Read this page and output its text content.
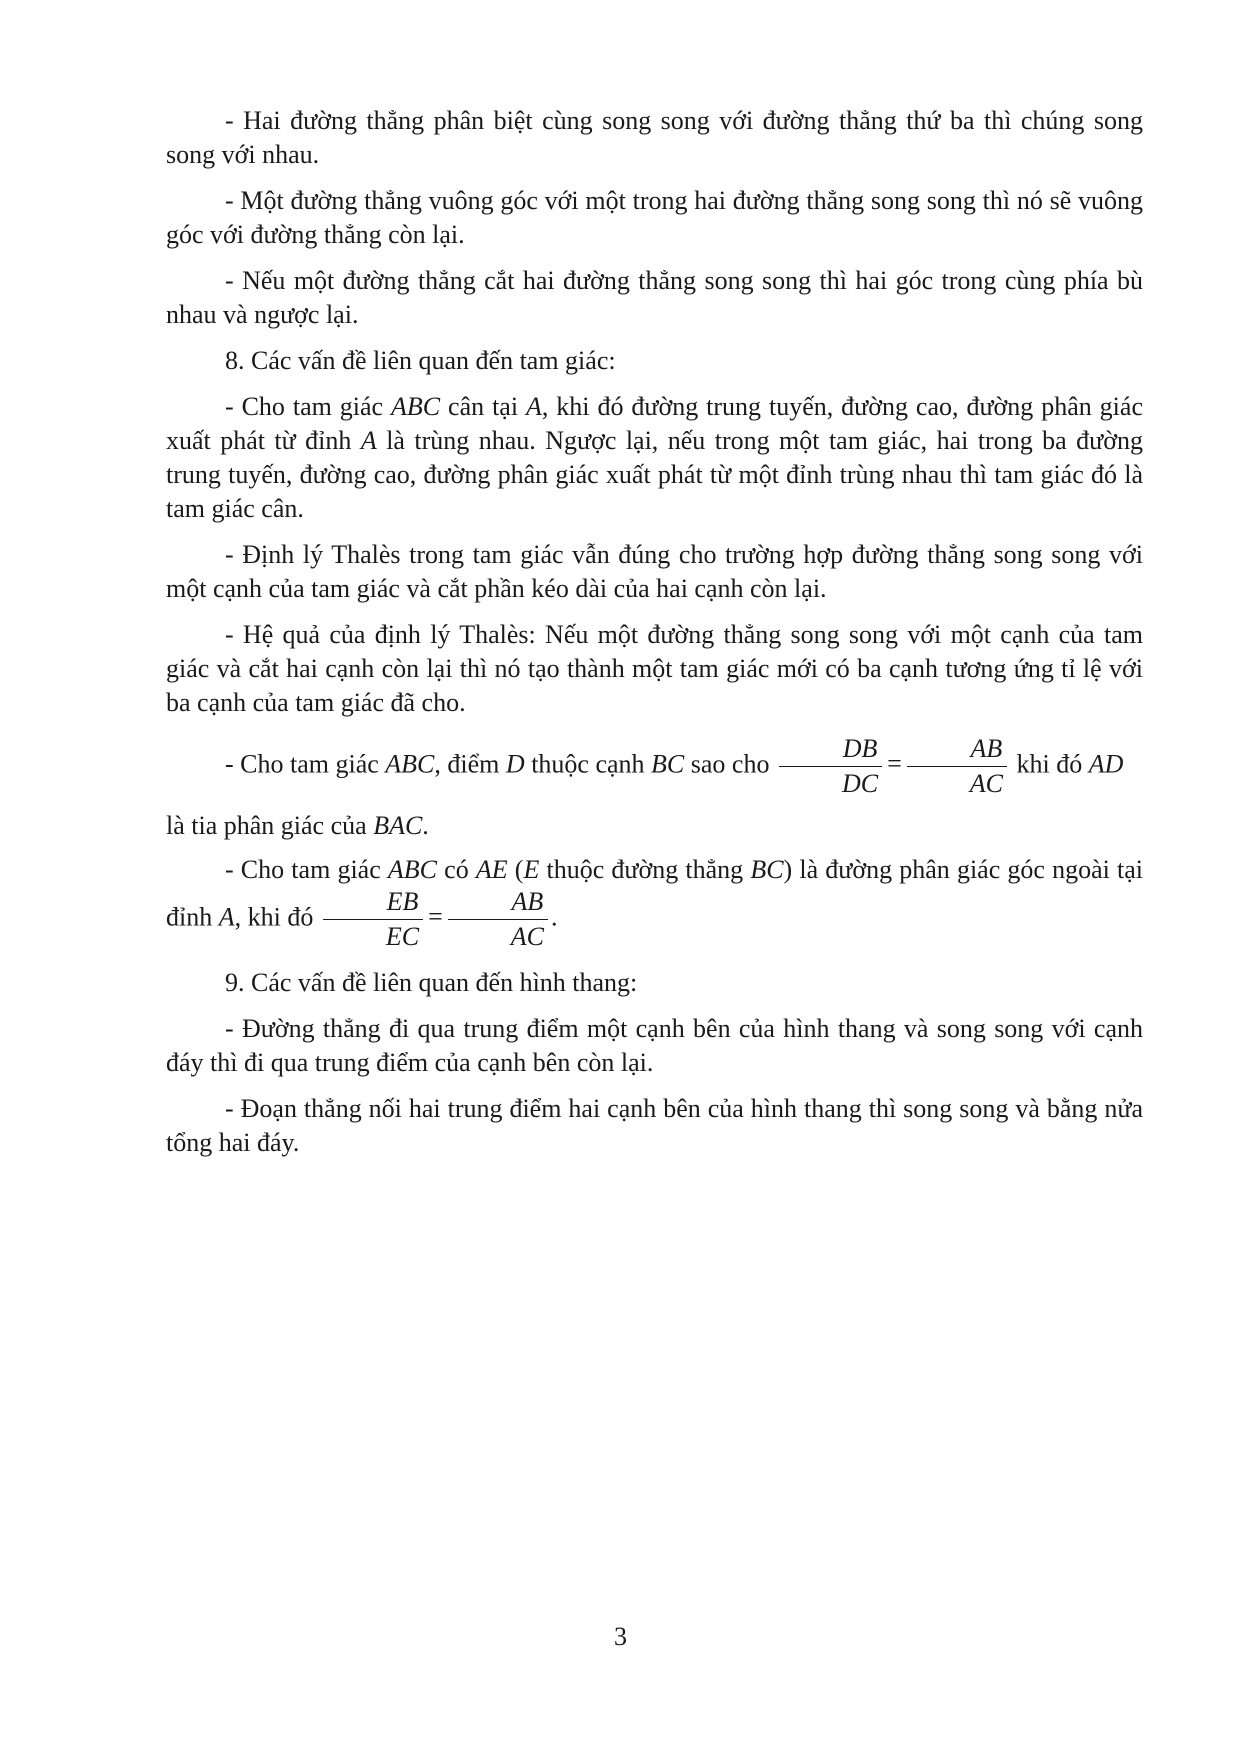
- Hai đường thẳng phân biệt cùng song song với đường thẳng thứ ba thì chúng song song với nhau.

- Một đường thẳng vuông góc với một trong hai đường thẳng song song thì nó sẽ vuông góc với đường thẳng còn lại.

- Nếu một đường thẳng cắt hai đường thẳng song song thì hai góc trong cùng phía bù nhau và ngược lại.

8. Các vấn đề liên quan đến tam giác:

- Cho tam giác ABC cân tại A, khi đó đường trung tuyến, đường cao, đường phân giác xuất phát từ đỉnh A là trùng nhau. Ngược lại, nếu trong một tam giác, hai trong ba đường trung tuyến, đường cao, đường phân giác xuất phát từ một đỉnh trùng nhau thì tam giác đó là tam giác cân.

- Định lý Thalès trong tam giác vẫn đúng cho trường hợp đường thẳng song song với một cạnh của tam giác và cắt phần kéo dài của hai cạnh còn lại.

- Hệ quả của định lý Thalès: Nếu một đường thẳng song song với một cạnh của tam giác và cắt hai cạnh còn lại thì nó tạo thành một tam giác mới có ba cạnh tương ứng tỉ lệ với ba cạnh của tam giác đã cho.

- Cho tam giác ABC, điểm D thuộc cạnh BC sao cho $\frac{DB}{DC} = \frac{AB}{AC}$ khi đó AD

là tia phân giác của BAC.

- Cho tam giác ABC có AE (E thuộc đường thẳng BC) là đường phân giác góc ngoài tại đỉnh A, khi đó $\frac{EB}{EC} = \frac{AB}{AC}$ .

9. Các vấn đề liên quan đến hình thang:

- Đường thẳng đi qua trung điểm một cạnh bên của hình thang và song song với cạnh đáy thì đi qua trung điểm của cạnh bên còn lại.

- Đoạn thẳng nối hai trung điểm hai cạnh bên của hình thang thì song song và bằng nửa tổng hai đáy.

3
